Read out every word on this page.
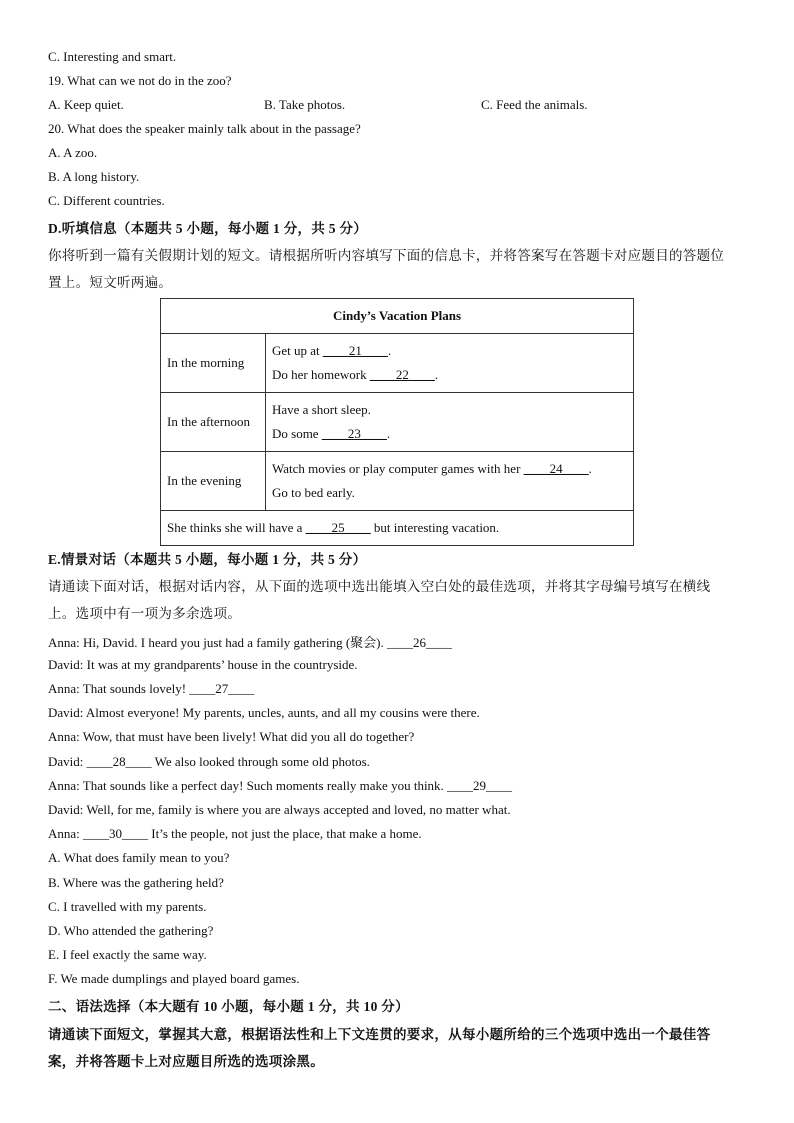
C. Interesting and smart.
19. What can we not do in the zoo?
A. Keep quiet.	B. Take photos.	C. Feed the animals.
20. What does the speaker mainly talk about in the passage?
A. A zoo.
B. A long history.
C. Different countries.
D.听填信息（本题共 5 小题，每小题 1 分，共 5 分）
你将听到一篇有关假期计划的短文。请根据所听内容填写下面的信息卡，并将答案写在答题卡对应题目的答题位
置上。短文听两遍。
Cindy’s Vacation Plans	
In the morning	Get up at ____21____.
Do her homework ____22____.

In the afternoon	Have a short sleep.
Do some ____23____.

In the evening	Watch movies or play computer games with her ____24____.
Go to bed early.

She thinks she will have a ____25____ but interesting vacation.	
E.情景对话（本题共 5 小题，每小题 1 分，共 5 分）
请通读下面对话，根据对话内容，从下面的选项中选出能填入空白处的最佳选项，并将其字母编号填写在横线
上。选项中有一项为多余选项。
Anna: Hi, David. I heard you just had a family gathering (聚会). ____26____
David: It was at my grandparents’ house in the countryside.
Anna: That sounds lovely! ____27____
David: Almost everyone! My parents, uncles, aunts, and all my cousins were there.
Anna: Wow, that must have been lively! What did you all do together?
David: ____28____ We also looked through some old photos.
Anna: That sounds like a perfect day! Such moments really make you think. ____29____
David: Well, for me, family is where you are always accepted and loved, no matter what.
Anna: ____30____ It’s the people, not just the place, that make a home.
A. What does family mean to you?
B. Where was the gathering held?
C. I travelled with my parents.
D. Who attended the gathering?
E. I feel exactly the same way.
F. We made dumplings and played board games.
二、语法选择（本大题有 10 小题，每小题 1 分，共 10 分）
请通读下面短文，掌握其大意，根据语法性和上下文连贯的要求，从每小题所给的三个选项中选出一个最佳答
案，并将答题卡上对应题目所选的选项涂黑。
